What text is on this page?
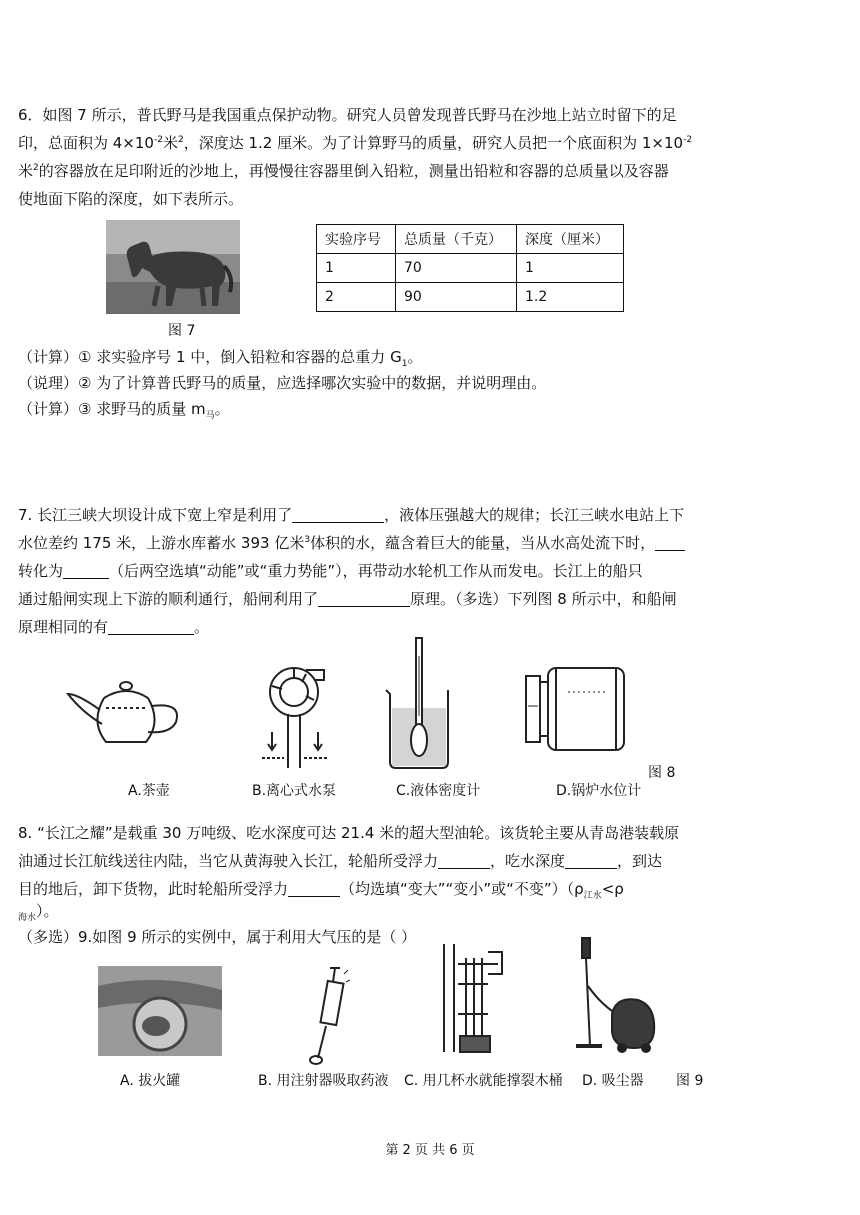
6．如图 7 所示，普氏野马是我国重点保护动物。研究人员曾发现普氏野马在沙地上站立时留下的足
印，总面积为 $4\times 10^{-2}$米$^2$，深度达 1.2 厘米。为了计算野马的质量，研究人员把一个底面积为 $1\times 10^{-2}$
米$^2$的容器放在足印附近的沙地上，再慢慢往容器里倒入铅粒，测量出铅粒和容器的总质量以及容器
使地面下陷的深度，如下表所示。
图 7
实验序号	总质量（千克）	深度（厘米）
1	70	1
2	90	1.2
（计算）① 求实验序号 1 中，倒入铅粒和容器的总重力 $G_1$。
（说理）② 为了计算普氏野马的质量，应选择哪次实验中的数据，并说明理由。
（计算）③ 求野马的质量 $m_马$。
7. 长江三峡大坝设计成下宽上窄是利用了	，液体压强越大的规律；长江三峡水电站上下
水位差约 175 米，上游水库蓄水 393 亿米$^3$体积的水，蕴含着巨大的能量，当从水高处流下时，
转化为	（后两空选填“动能”或“重力势能”），再带动水轮机工作从而发电。长江上的船只
通过船闸实现上下游的顺利通行，船闸利用了	原理。（多选）下列图 8 所示中，和船闸
原理相同的有	。
A.茶壶	B.离心式水泵	C.液体密度计	D.锅炉水位计
图 8
8. “长江之耀”是载重 30 万吨级、吃水深度可达 21.4 米的超大型油轮。该货轮主要从青岛港装载原
油通过长江航线送往内陆，当它从黄海驶入长江，轮船所受浮力	，吃水深度	，到达
目的地后，卸下货物，此时轮船所受浮力	（均选填“变大”“变小”或“不变$”)(\rho_{江水}<\rho$
$_{海水}$）。
（多选）9.如图 9 所示的实例中，属于利用大气压的是（ ）
A. 拔火罐	B. 用注射器吸取药液 C. 用几杯水就能撑裂木桶 D. 吸尘器 图 9
第 2 页 共 6 页
